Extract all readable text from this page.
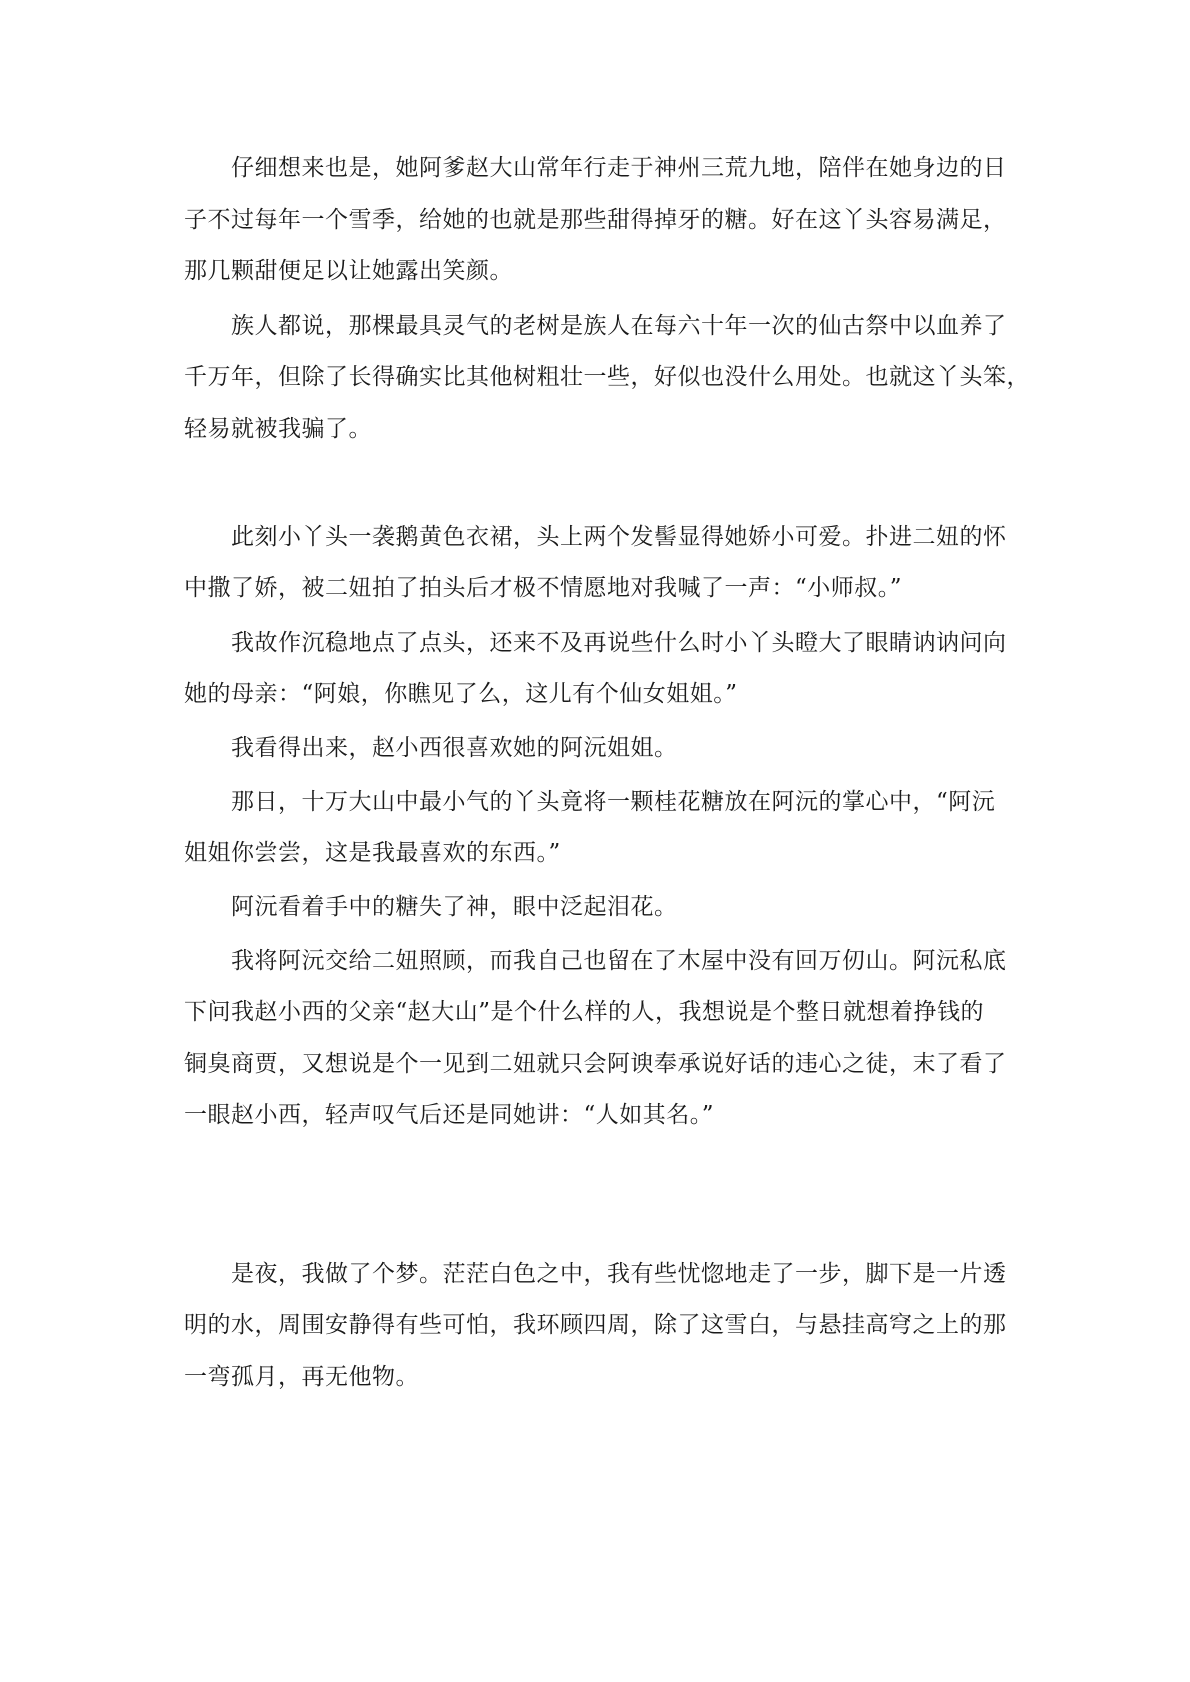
　　仔细想来也是，她阿爹赵大山常年行走于神州三荒九地，陪伴在她身边的日
子不过每年一个雪季，给她的也就是那些甜得掉牙的糖。好在这丫头容易满足，
那几颗甜便足以让她露出笑颜。
　　族人都说，那棵最具灵气的老树是族人在每六十年一次的仙古祭中以血养了
千万年，但除了长得确实比其他树粗壮一些，好似也没什么用处。也就这丫头笨，
轻易就被我骗了。
　　此刻小丫头一袭鹅黄色衣裙，头上两个发髻显得她娇小可爱。扑进二妞的怀
中撒了娇，被二妞拍了拍头后才极不情愿地对我喊了一声：“小师叔。”
　　我故作沉稳地点了点头，还来不及再说些什么时小丫头瞪大了眼睛讷讷问向
她的母亲：“阿娘，你瞧见了么，这儿有个仙女姐姐。”
　　我看得出来，赵小西很喜欢她的阿沅姐姐。
　　那日，十万大山中最小气的丫头竟将一颗桂花糖放在阿沅的掌心中，“阿沅
姐姐你尝尝，这是我最喜欢的东西。”
　　阿沅看着手中的糖失了神，眼中泛起泪花。
　　我将阿沅交给二妞照顾，而我自己也留在了木屋中没有回万仞山。阿沅私底
下问我赵小西的父亲“赵大山”是个什么样的人，我想说是个整日就想着挣钱的
铜臭商贾，又想说是个一见到二妞就只会阿谀奉承说好话的违心之徒，末了看了
一眼赵小西，轻声叹气后还是同她讲：“人如其名。”
　　是夜，我做了个梦。茫茫白色之中，我有些忧惚地走了一步，脚下是一片透
明的水，周围安静得有些可怕，我环顾四周，除了这雪白，与悬挂高穹之上的那
一弯孤月，再无他物。
